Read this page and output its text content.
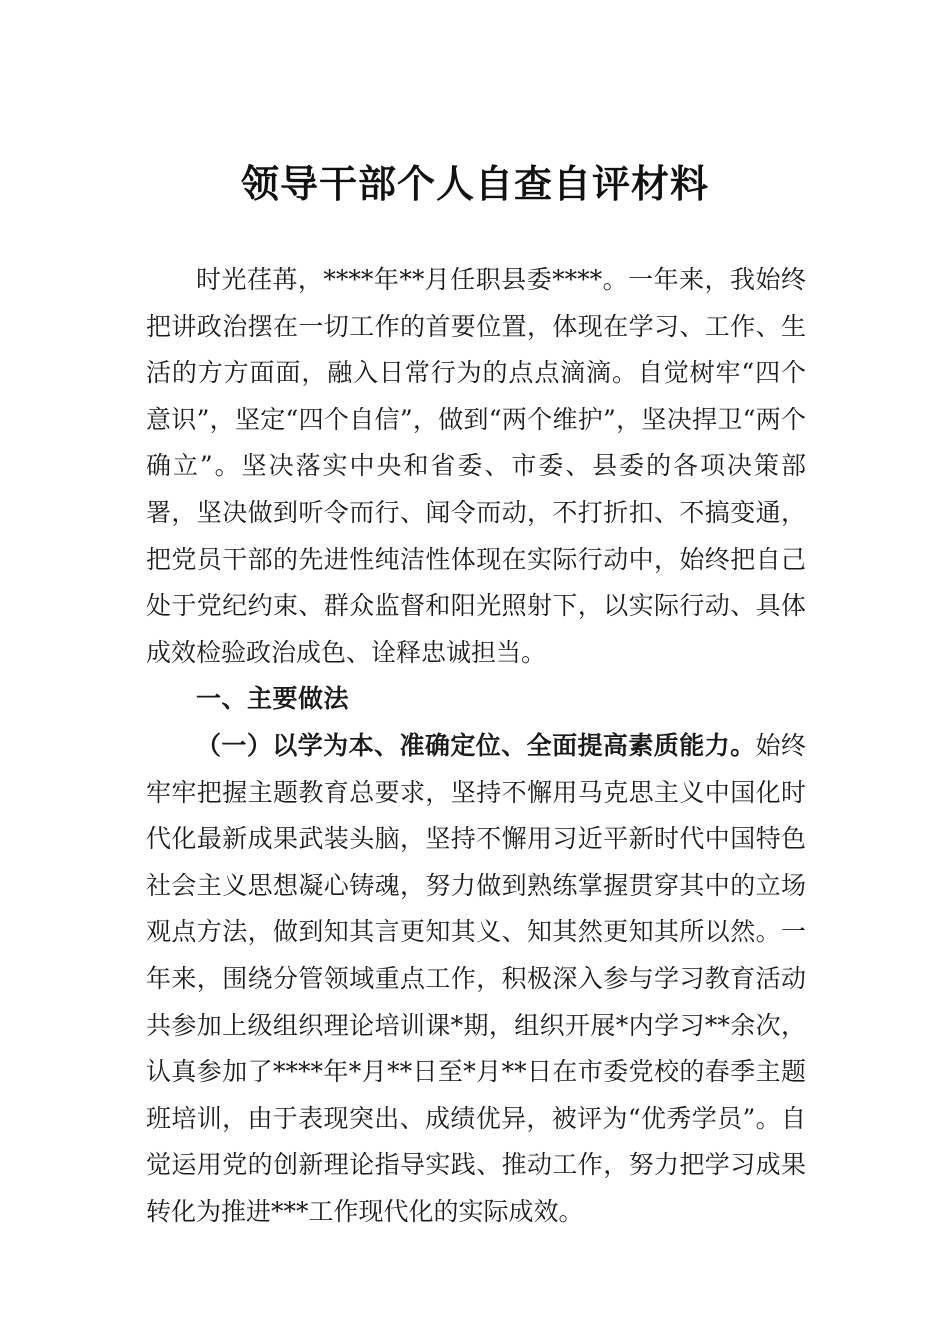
领导干部个人自查自评材料

时光荏苒，****年**月任职县委****。一年来，我始终把讲政治摆在一切工作的首要位置，体现在学习、工作、生活的方方面面，融入日常行为的点点滴滴。自觉树牢“四个意识”，坚定“四个自信”，做到“两个维护”，坚决捍卫“两个确立”。坚决落实中央和省委、市委、县委的各项决策部署，坚决做到听令而行、闻令而动，不打折扣、不搞变通，把党员干部的先进性纯洁性体现在实际行动中，始终把自己处于党纪约束、群众监督和阳光照射下，以实际行动、具体成效检验政治成色、诠释忠诚担当。

一、主要做法

（一）以学为本、准确定位、全面提高素质能力。始终牢牢把握主题教育总要求，坚持不懈用马克思主义中国化时代化最新成果武装头脑，坚持不懈用习近平新时代中国特色社会主义思想凝心铸魂，努力做到熟练掌握贯穿其中的立场观点方法，做到知其言更知其义、知其然更知其所以然。一年来，围绕分管领域重点工作，积极深入参与学习教育活动共参加上级组织理论培训课*期，组织开展*内学习**余次，认真参加了****年*月**日至*月**日在市委党校的春季主题班培训，由于表现突出、成绩优异，被评为“优秀学员”。自觉运用党的创新理论指导实践、推动工作，努力把学习成果转化为推进***工作现代化的实际成效。
